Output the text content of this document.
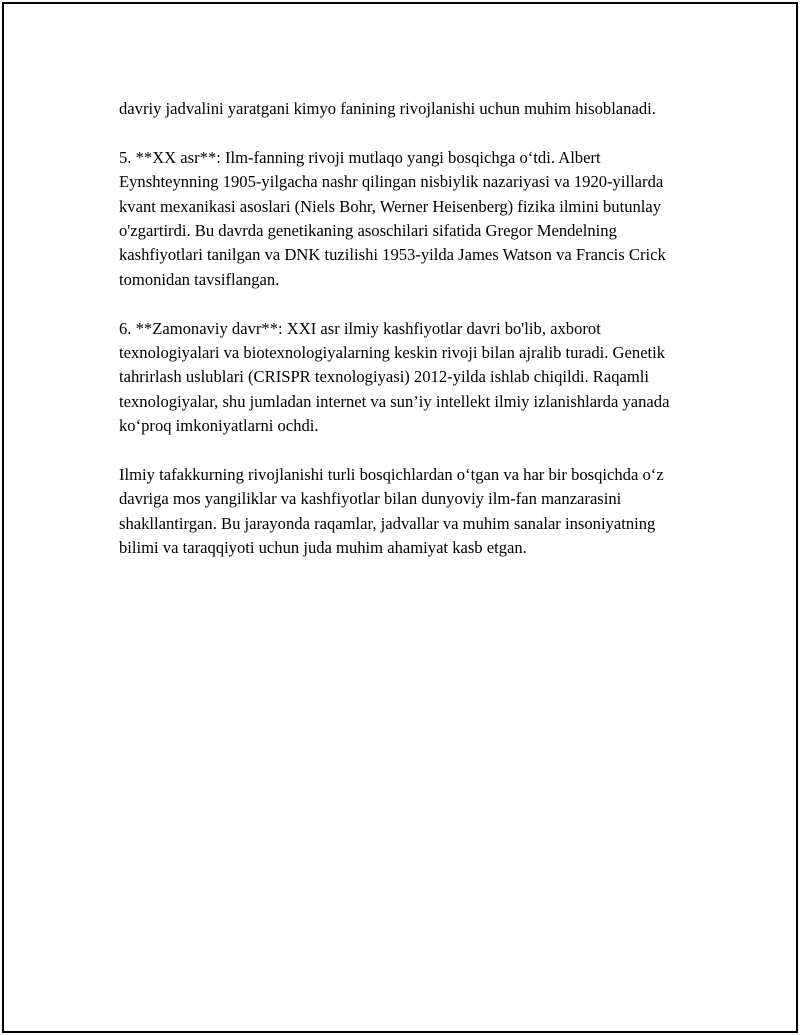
davriy jadvalini yaratgani kimyo fanining rivojlanishi uchun muhim hisoblanadi.

5. **XX asr**: Ilm-fanning rivoji mutlaqo yangi bosqichga o‘tdi. Albert Eynshteynning 1905-yilgacha nashr qilingan nisbiylik nazariyasi va 1920-yillarda kvant mexanikasi asoslari (Niels Bohr, Werner Heisenberg) fizika ilmini butunlay o'zgartirdi. Bu davrda genetikaning asoschilari sifatida Gregor Mendelning kashfiyotlari tanilgan va DNK tuzilishi 1953-yilda James Watson va Francis Crick tomonidan tavsiflangan.

6. **Zamonaviy davr**: XXI asr ilmiy kashfiyotlar davri bo'lib, axborot texnologiyalari va biotexnologiyalarning keskin rivoji bilan ajralib turadi. Genetik tahrirlash uslublari (CRISPR texnologiyasi) 2012-yilda ishlab chiqildi. Raqamli texnologiyalar, shu jumladan internet va sun’iy intellekt ilmiy izlanishlarda yanada ko‘proq imkoniyatlarni ochdi.

Ilmiy tafakkurning rivojlanishi turli bosqichlardan o‘tgan va har bir bosqichda o‘z davriga mos yangiliklar va kashfiyotlar bilan dunyoviy ilm-fan manzarasini shakllantirgan. Bu jarayonda raqamlar, jadvallar va muhim sanalar insoniyatning bilimi va taraqqiyoti uchun juda muhim ahamiyat kasb etgan.
